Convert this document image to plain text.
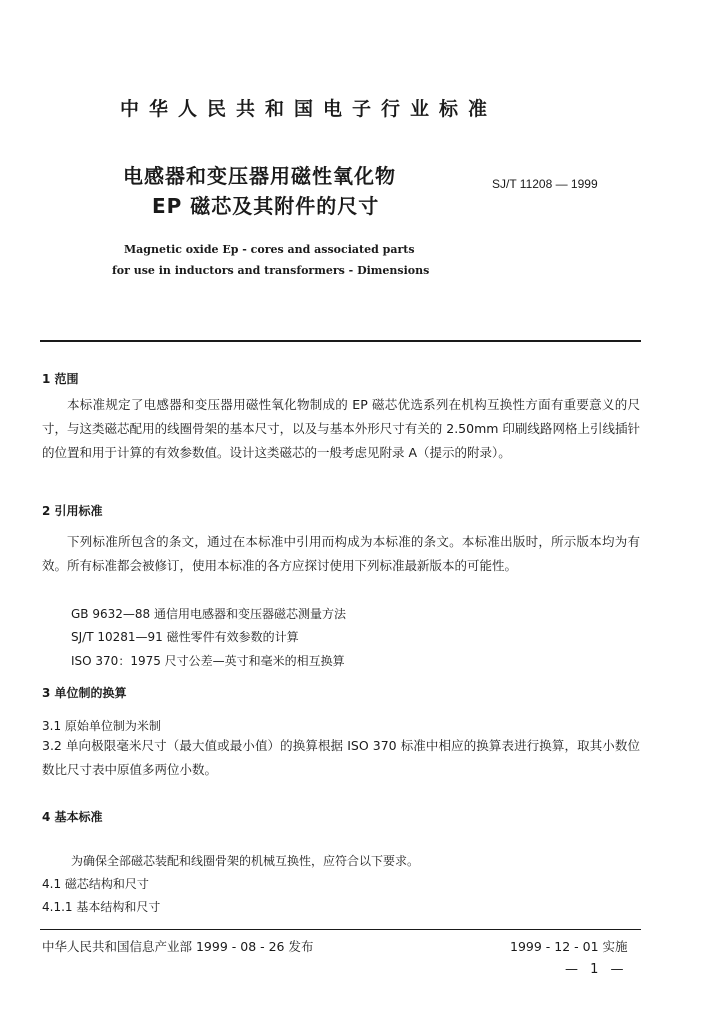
中华人民共和国电子行业标准
电感器和变压器用磁性氧化物
EP 磁芯及其附件的尺寸
SJ/T 11208 — 1999
Magnetic oxide Ep - cores and associated parts
for use in inductors and transformers - Dimensions
1 范围
本标准规定了电感器和变压器用磁性氧化物制成的 EP 磁芯优选系列在机构互换性方面有重要意义的尺寸，与这类磁芯配用的线圈骨架的基本尺寸，以及与基本外形尺寸有关的 2.50mm 印刷线路网格上引线插针的位置和用于计算的有效参数值。设计这类磁芯的一般考虑见附录 A（提示的附录）。
2 引用标准
下列标准所包含的条文，通过在本标准中引用而构成为本标准的条文。本标准出版时，所示版本均为有效。所有标准都会被修订，使用本标准的各方应探讨使用下列标准最新版本的可能性。
GB 9632—88 通信用电感器和变压器磁芯测量方法
SJ/T 10281—91 磁性零件有效参数的计算
ISO 370：1975 尺寸公差—英寸和毫米的相互换算
3 单位制的换算
3.1 原始单位制为米制
3.2 单向极限毫米尺寸（最大值或最小值）的换算根据 ISO 370 标准中相应的换算表进行换算，取其小数位数比尺寸表中原值多两位小数。
4 基本标准
为确保全部磁芯装配和线圈骨架的机械互换性，应符合以下要求。
4.1 磁芯结构和尺寸
4.1.1 基本结构和尺寸
中华人民共和国信息产业部 1999 - 08 - 26 发布	1999 - 12 - 01 实施
— 1 —
